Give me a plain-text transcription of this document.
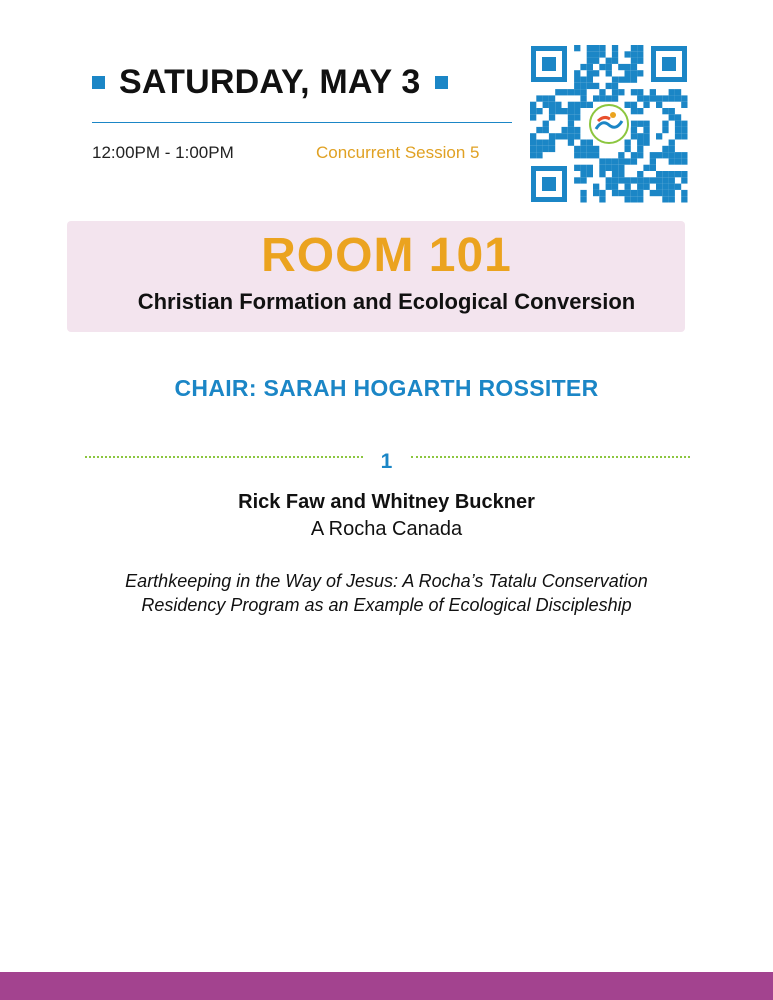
SATURDAY, MAY 3
12:00PM - 1:00PM	Concurrent Session 5
ROOM 101
Christian Formation and Ecological Conversion
CHAIR: SARAH HOGARTH ROSSITER
1
Rick Faw and Whitney Buckner
A Rocha Canada
Earthkeeping in the Way of Jesus: A Rocha’s Tatalu Conservation
Residency Program as an Example of Ecological Discipleship
